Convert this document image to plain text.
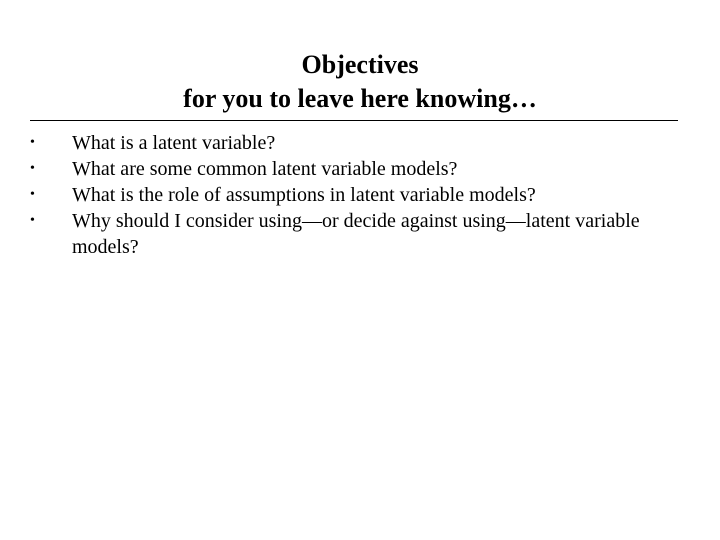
Objectives
for you to leave here knowing…
•	What is a latent variable?
•	What are some common latent variable models?
•	What is the role of assumptions in latent variable models?
•	Why should I consider using—or decide against using—latent variable models?
